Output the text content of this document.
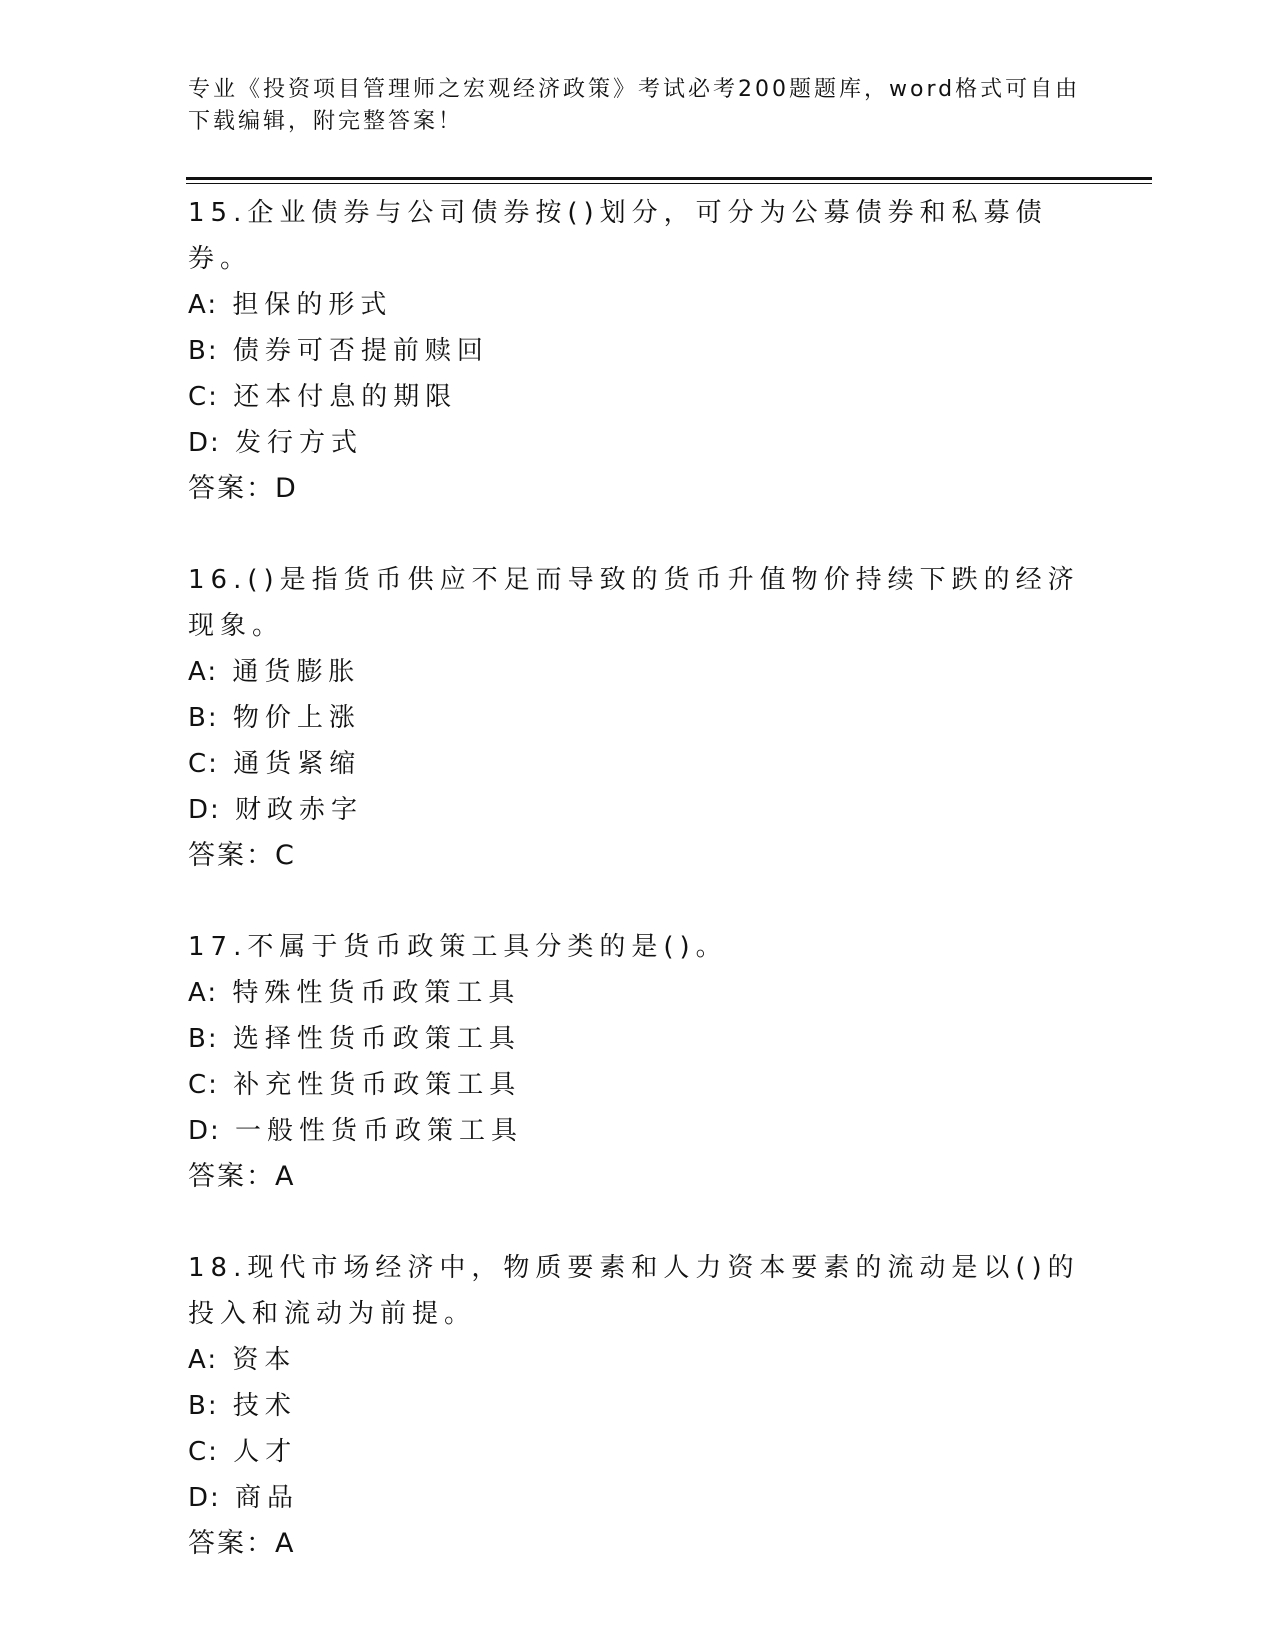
专业《投资项目管理师之宏观经济政策》考试必考200题题库，word格式可自由
下载编辑，附完整答案！

15.企业债券与公司债券按()划分，可分为公募债券和私募债券。

A: 担保的形式

B: 债券可否提前赎回

C: 还本付息的期限

D: 发行方式

答案：D

16.()是指货币供应不足而导致的货币升值物价持续下跌的经济现象。

A: 通货膨胀

B: 物价上涨

C: 通货紧缩

D: 财政赤字

答案：C

17.不属于货币政策工具分类的是()。

A: 特殊性货币政策工具

B: 选择性货币政策工具

C: 补充性货币政策工具

D: 一般性货币政策工具

答案：A

18.现代市场经济中，物质要素和人力资本要素的流动是以()的投入和流动为前提。

A: 资本

B: 技术

C: 人才

D: 商品

答案：A
